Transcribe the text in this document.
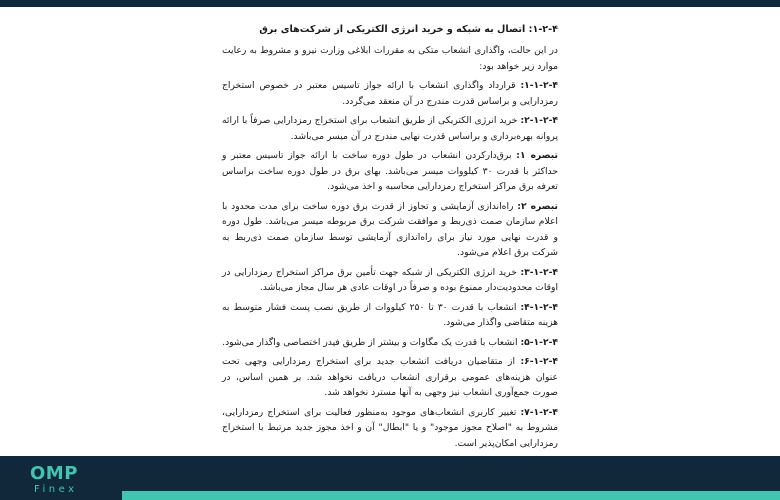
۱-۲-۴: اتصال به شبکه و خرید انرژی الکتریکی از شرکت‌های برق

در این حالت، واگذاری انشعاب متکی به مقررات ابلاغی وزارت نیرو و مشروط به رعایت موارد زیر خواهد بود:

۱-۱-۲-۴: قرارداد واگذاری انشعاب با ارائه جواز تاسیس معتبر در خصوص استخراج رمزدارایی و براساس قدرت مندرج در آن منعقد می‌گردد.

۲-۱-۲-۴: خرید انرژی الکتریکی از طریق انشعاب برای استخراج رمزدارایی صرفاً با ارائه پروانه بهره‌برداری و براساس قدرت نهایی مندرج در آن میسر می‌باشد.

تبصره ۱: برق‌دارکردن انشعاب در طول دوره ساخت با ارائه جواز تاسیس معتبر و حداکثر با قدرت ۳۰ کیلووات میسر می‌باشد. بهای برق در طول دوره ساخت براساس تعرفه برق مراکز استخراج رمزدارایی محاسبه و اخذ می‌شود.

تبصره ۲: راه‌اندازی آزمایشی و تجاوز از قدرت برق دوره ساخت برای مدت محدود با اعلام سازمان صمت ذی‌ربط و موافقت شرکت برق مربوطه میسر می‌باشد. طول دوره و قدرت نهایی مورد نیاز برای راه‌اندازی آزمایشی توسط سازمان صمت ذی‌ربط به شرکت برق اعلام می‌شود.

۳-۱-۲-۴: خرید انرژی الکتریکی از شبکه جهت تأمین برق مراکز استخراج رمزدارایی در اوقات محدودیت‌دار ممنوع بوده و صرفاً در اوقات عادی هر سال مجاز می‌باشد.

۴-۱-۲-۴: انشعاب با قدرت ۳۰ تا ۲۵۰ کیلووات از طریق نصب پست فشار متوسط به هزینه متقاضی واگذار می‌شود.

۵-۱-۲-۴: انشعاب با قدرت یک مگاوات و بیشتر از طریق فیدر اختصاصی واگذار می‌شود.

۶-۱-۲-۴: از متقاضیان دریافت انشعاب جدید برای استخراج رمزدارایی وجهی تحت عنوان هزینه‌های عمومی برقراری انشعاب دریافت نخواهد شد. بر همین اساس، در صورت جمع‌آوری انشعاب نیز وجهی به آنها مسترد نخواهد شد.

۷-۱-۲-۴: تغییر کاربری انشعاب‌های موجود به‌منظور فعالیت برای استخراج رمزدارایی، مشروط به "اصلاح مجوز موجود" و یا "ابطال" آن و اخذ مجوز جدید مرتبط با استخراج رمزدارایی امکان‌پذیر است.

OMP
Finex
